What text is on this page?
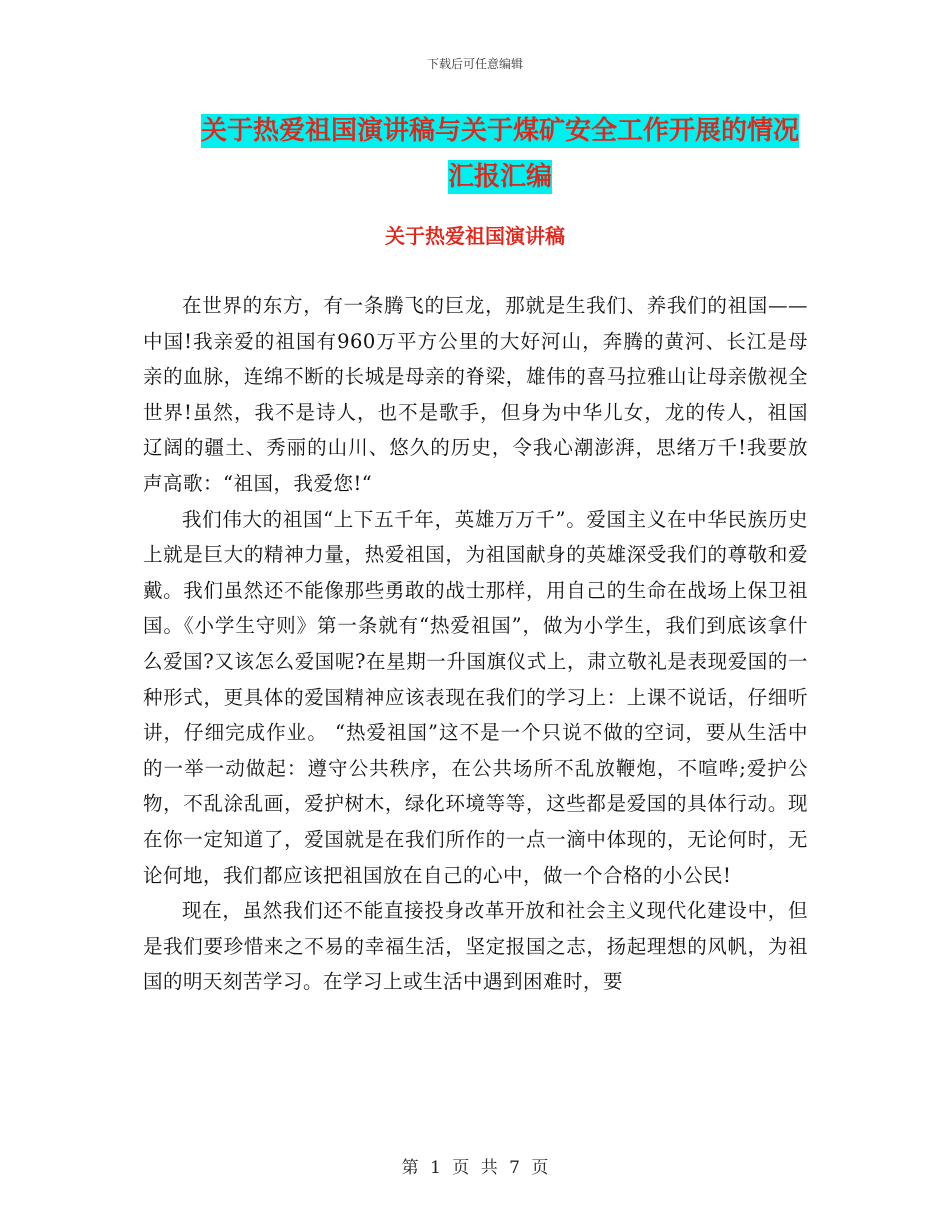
下载后可任意编辑
关于热爱祖国演讲稿与关于煤矿安全工作开展的情况
汇报汇编
关于热爱祖国演讲稿

在世界的东方，有一条腾飞的巨龙，那就是生我们、养我们的祖国——中国!我亲爱的祖国有960万平方公里的大好河山，奔腾的黄河、长江是母亲的血脉，连绵不断的长城是母亲的脊梁，雄伟的喜马拉雅山让母亲傲视全世界!虽然，我不是诗人，也不是歌手，但身为中华儿女，龙的传人，祖国辽阔的疆土、秀丽的山川、悠久的历史，令我心潮澎湃，思绪万千!我要放声高歌：“祖国，我爱您!“

我们伟大的祖国“上下五千年，英雄万万千”。爱国主义在中华民族历史上就是巨大的精神力量，热爱祖国，为祖国献身的英雄深受我们的尊敬和爱戴。我们虽然还不能像那些勇敢的战士那样，用自己的生命在战场上保卫祖国。《小学生守则》第一条就有“热爱祖国”，做为小学生，我们到底该拿什么爱国?又该怎么爱国呢?在星期一升国旗仪式上，肃立敬礼是表现爱国的一种形式，更具体的爱国精神应该表现在我们的学习上：上课不说话，仔细听讲，仔细完成作业。 “热爱祖国”这不是一个只说不做的空词，要从生活中的一举一动做起：遵守公共秩序，在公共场所不乱放鞭炮，不喧哗;爱护公物，不乱涂乱画，爱护树木，绿化环境等等，这些都是爱国的具体行动。现在你一定知道了，爱国就是在我们所作的一点一滴中体现的，无论何时，无论何地，我们都应该把祖国放在自己的心中，做一个合格的小公民!

现在，虽然我们还不能直接投身改革开放和社会主义现代化建设中，但是我们要珍惜来之不易的幸福生活，坚定报国之志，扬起理想的风帆，为祖国的明天刻苦学习。在学习上或生活中遇到困难时，要

第 1 页 共 7 页
